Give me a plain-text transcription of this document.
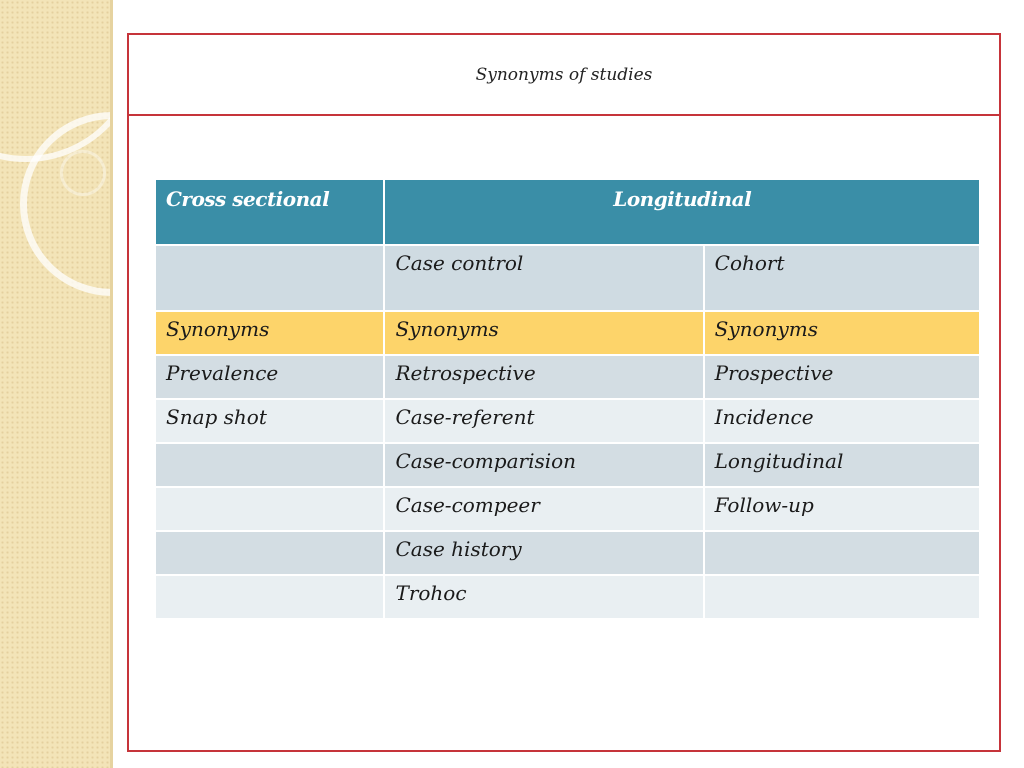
Synonyms of studies
Cross sectional	Longitudinal	
	Case control	Cohort
Synonyms	Synonyms	Synonyms
Prevalence	Retrospective	Prospective
Snap shot	Case-referent	Incidence
	Case-comparision	Longitudinal
	Case-compeer	Follow-up
	Case history	
	Trohoc	
